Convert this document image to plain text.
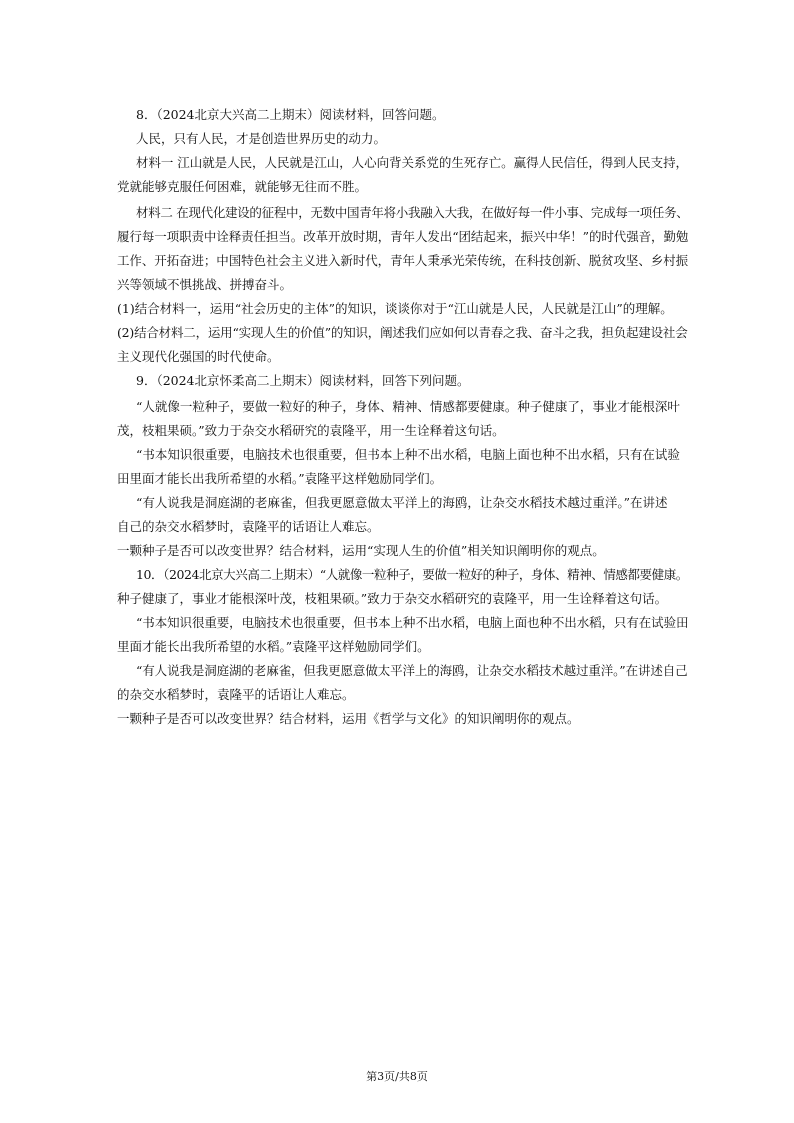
8．（2024北京大兴高二上期末）阅读材料，回答问题。
人民，只有人民，才是创造世界历史的动力。
材料一 江山就是人民，人民就是江山，人心向背关系党的生死存亡。赢得人民信任，得到人民支持，
党就能够克服任何困难，就能够无往而不胜。
材料二 在现代化建设的征程中，无数中国青年将小我融入大我，在做好每一件小事、完成每一项任务、
履行每一项职责中诠释责任担当。改革开放时期，青年人发出“团结起来，振兴中华！”的时代强音，勤勉
工作、开拓奋进；中国特色社会主义进入新时代，青年人秉承光荣传统，在科技创新、脱贫攻坚、乡村振
兴等领域不惧挑战、拼搏奋斗。
(1)结合材料一，运用“社会历史的主体”的知识，谈谈你对于“江山就是人民，人民就是江山”的理解。
(2)结合材料二，运用“实现人生的价值”的知识，阐述我们应如何以青春之我、奋斗之我，担负起建设社会
主义现代化强国的时代使命。
9．（2024北京怀柔高二上期末）阅读材料，回答下列问题。
“人就像一粒种子，要做一粒好的种子，身体、精神、情感都要健康。种子健康了，事业才能根深叶
茂，枝粗果硕。”致力于杂交水稻研究的袁隆平，用一生诠释着这句话。
“书本知识很重要，电脑技术也很重要，但书本上种不出水稻，电脑上面也种不出水稻，只有在试验
田里面才能长出我所希望的水稻。”袁隆平这样勉励同学们。
“有人说我是洞庭湖的老麻雀，但我更愿意做太平洋上的海鸥，让杂交水稻技术越过重洋。”在讲述
自己的杂交水稻梦时，袁隆平的话语让人难忘。
一颗种子是否可以改变世界？结合材料，运用“实现人生的价值”相关知识阐明你的观点。
10．（2024北京大兴高二上期末）“人就像一粒种子，要做一粒好的种子，身体、精神、情感都要健康。
种子健康了，事业才能根深叶茂，枝粗果硕。”致力于杂交水稻研究的袁隆平，用一生诠释着这句话。
“书本知识很重要，电脑技术也很重要，但书本上种不出水稻，电脑上面也种不出水稻，只有在试验田
里面才能长出我所希望的水稻。”袁隆平这样勉励同学们。
“有人说我是洞庭湖的老麻雀，但我更愿意做太平洋上的海鸥，让杂交水稻技术越过重洋。”在讲述自己
的杂交水稻梦时，袁隆平的话语让人难忘。
一颗种子是否可以改变世界？结合材料，运用《哲学与文化》的知识阐明你的观点。
第3页/共8页
